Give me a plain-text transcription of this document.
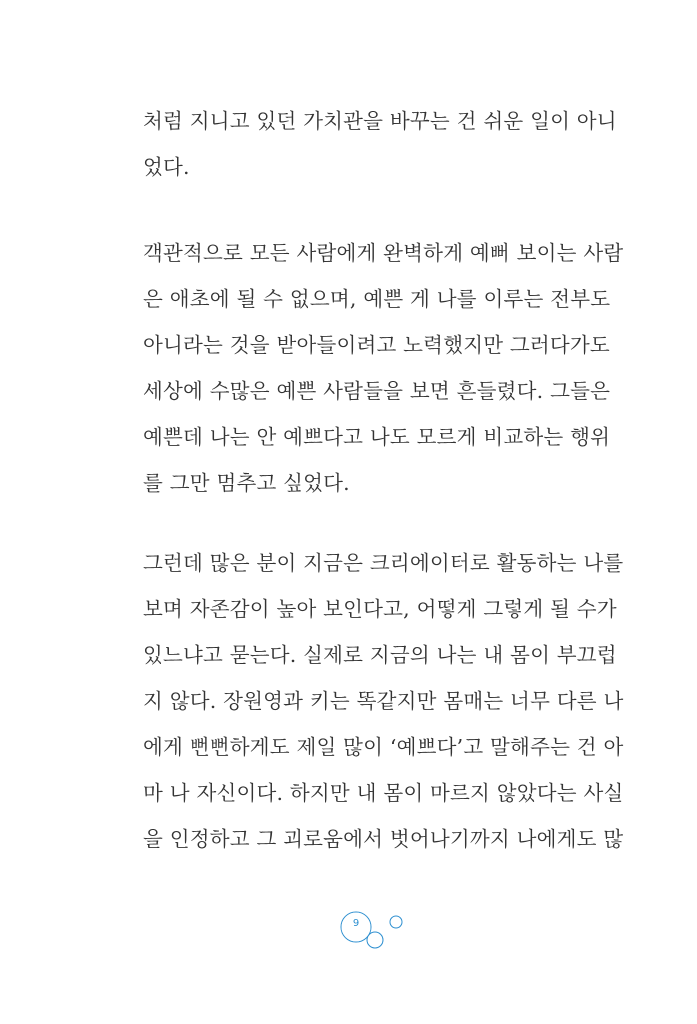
처럼 지니고 있던 가치관을 바꾸는 건 쉬운 일이 아니
었다.
객관적으로 모든 사람에게 완벽하게 예뻐 보이는 사람
은 애초에 될 수 없으며, 예쁜 게 나를 이루는 전부도
아니라는 것을 받아들이려고 노력했지만 그러다가도
세상에 수많은 예쁜 사람들을 보면 흔들렸다. 그들은
예쁜데 나는 안 예쁘다고 나도 모르게 비교하는 행위
를 그만 멈추고 싶었다.
그런데 많은 분이 지금은 크리에이터로 활동하는 나를
보며 자존감이 높아 보인다고, 어떻게 그렇게 될 수가
있느냐고 묻는다. 실제로 지금의 나는 내 몸이 부끄럽
지 않다. 장원영과 키는 똑같지만 몸매는 너무 다른 나
에게 뻔뻔하게도 제일 많이 ‘예쁘다’고 말해주는 건 아
마 나 자신이다. 하지만 내 몸이 마르지 않았다는 사실
을 인정하고 그 괴로움에서 벗어나기까지 나에게도 많
9
